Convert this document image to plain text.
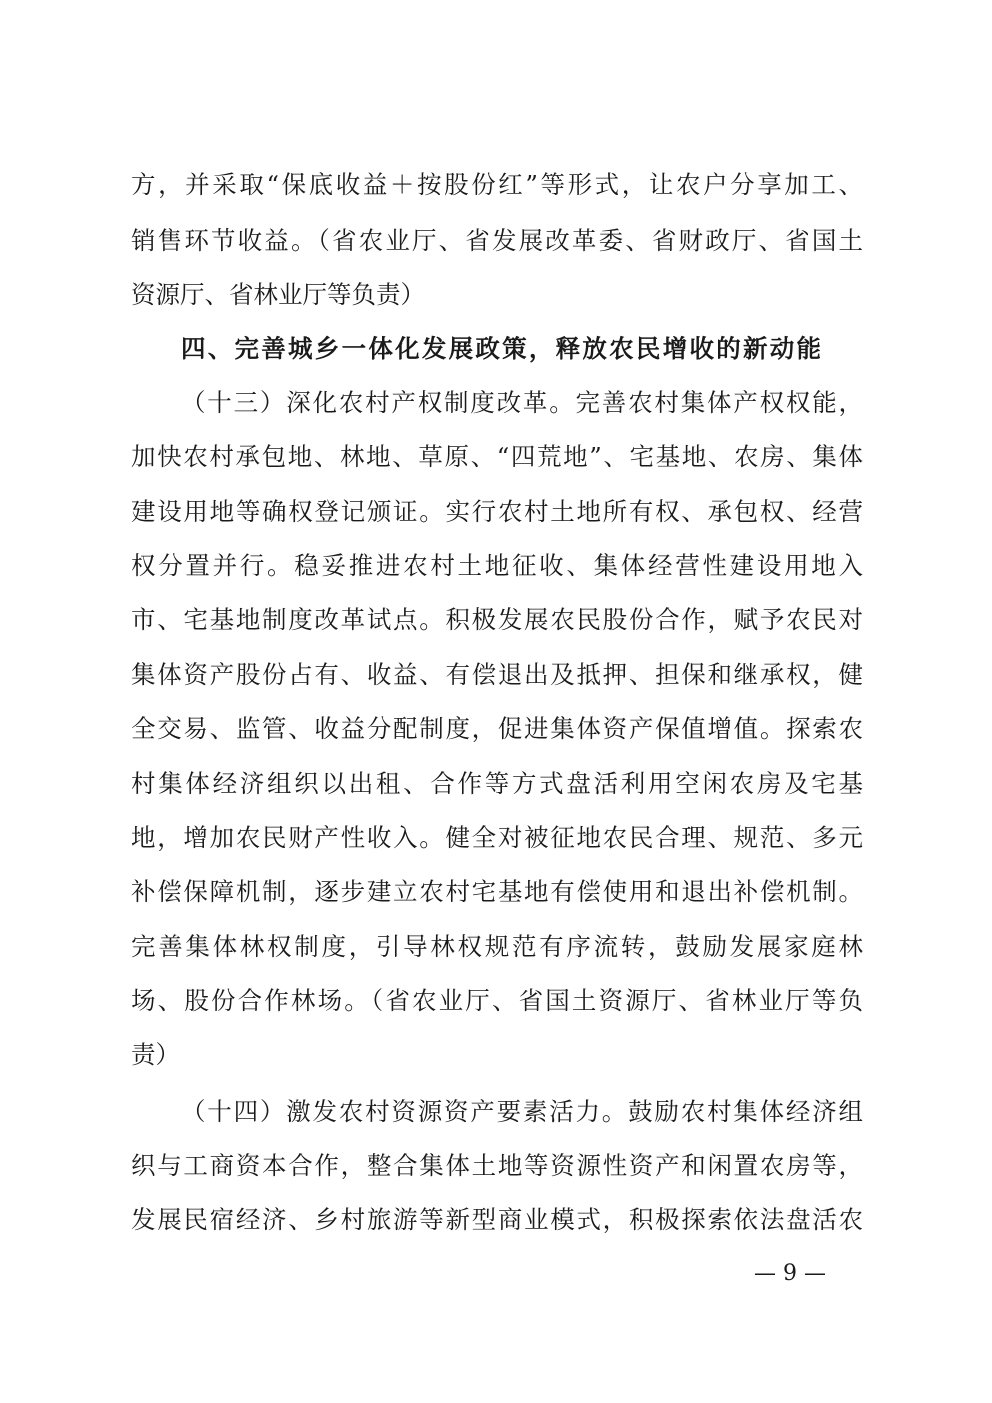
方，并采取“保底收益＋按股份红”等形式，让农户分享加工、
销售环节收益。（省农业厅、省发展改革委、省财政厅、省国土
资源厅、省林业厅等负责）
四、完善城乡一体化发展政策，释放农民增收的新动能
（十三）深化农村产权制度改革。完善农村集体产权权能，
加快农村承包地、林地、草原、“四荒地”、宅基地、农房、集体
建设用地等确权登记颁证。实行农村土地所有权、承包权、经营
权分置并行。稳妥推进农村土地征收、集体经营性建设用地入
市、宅基地制度改革试点。积极发展农民股份合作，赋予农民对
集体资产股份占有、收益、有偿退出及抵押、担保和继承权，健
全交易、监管、收益分配制度，促进集体资产保值增值。探索农
村集体经济组织以出租、合作等方式盘活利用空闲农房及宅基
地，增加农民财产性收入。健全对被征地农民合理、规范、多元
补偿保障机制，逐步建立农村宅基地有偿使用和退出补偿机制。
完善集体林权制度，引导林权规范有序流转，鼓励发展家庭林
场、股份合作林场。（省农业厅、省国土资源厅、省林业厅等负
责）
（十四）激发农村资源资产要素活力。鼓励农村集体经济组
织与工商资本合作，整合集体土地等资源性资产和闲置农房等，
发展民宿经济、乡村旅游等新型商业模式，积极探索依法盘活农
— 9 —
